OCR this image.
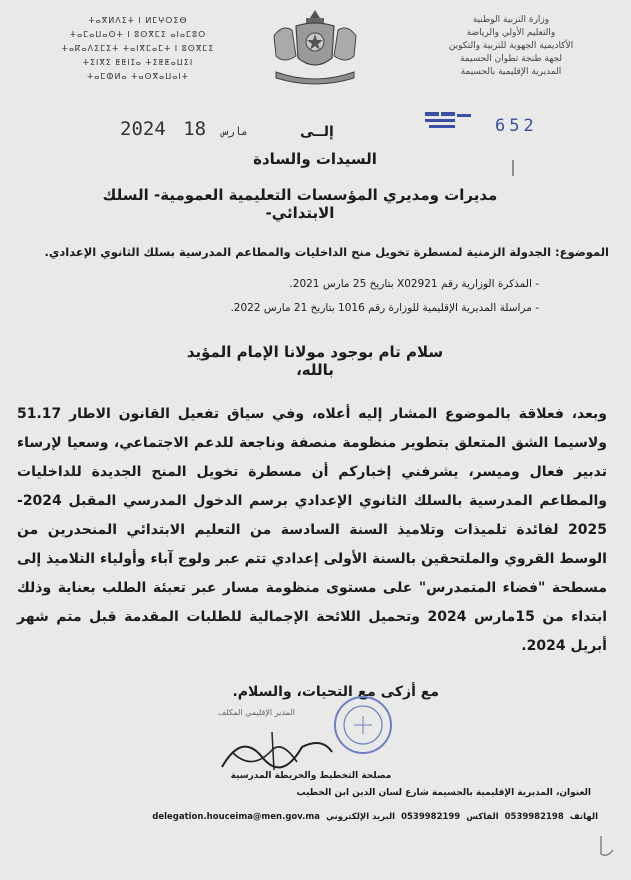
وزارة التربية الوطنية
والتعليم الأولي والرياضة
الأكاديمية الجهوية للتربية والتكوين
لجهة طنجة تطوان الحسيمة
المديرية الإقليمية بالحسيمة
ⵜⴰⴳⵍⴷⵉⵜ ⵏ ⵍⵎⵖⵔⵉⴱ
ⵜⴰⵎⴰⵡⴰⵙⵜ ⵏ ⵓⵙⴳⵎⵉ ⴰⵏⴰⵎⵓⵔ
ⵜⴰⴽⴰⴷⵉⵎⵉⵜ ⵜⴰⵏⴳⵎⴰⵎⵜ ⵏ ⵓⵙⴳⵎⵉ
ⵜⵉⵏⴳⵉ ⵟⵟⵏⵊⴰ ⵜⵉⵟⵟⴰⵡⵉⵏ
ⵜⴰⵎⵀⵍⴰ ⵜⴰⵙⴳⴰⵡⴰⵏⵜ
2024	مارس 18	652
إلــى
السيدات والسادة
مديرات ومديري المؤسسات التعليمية العمومية- السلك الابتدائي-
الموضوع: الجدولة الزمنية لمسطرة تخويل منح الداخليات والمطاعم المدرسية بسلك الثانوي الإعدادي.
- المذكرة الوزارية رقم X02921 بتاريخ 25 مارس 2021.
- مراسلة المديرية الإقليمية للوزارة رقم 1016 بتاريخ 21 مارس 2022.
سلام تام بوجود مولانا الإمام المؤيد بالله،
وبعد، فعلاقة بالموضوع المشار إليه أعلاه، وفي سياق تفعيل القانون الاطار 51.17 ولاسيما الشق المتعلق بتطوير منظومة منصفة وناجعة للدعم الاجتماعي، وسعيا لإرساء تدبير فعال وميسر، يشرفني إخباركم أن مسطرة تخويل المنح الجديدة للداخليات والمطاعم المدرسية بالسلك الثانوي الإعدادي برسم الدخول المدرسي المقبل 2024-2025 لفائدة تلميذات وتلاميذ السنة السادسة من التعليم الابتدائي المنحدرين من الوسط القروي والملتحقين بالسنة الأولى إعدادي تتم عبر ولوج آباء وأولياء التلاميذ إلى مسطحة "فضاء المتمدرس" على مستوى منظومة مسار عبر تعبئة الطلب بعناية وذلك ابتداء من 15مارس 2024 وتحميل اللائحة الإجمالية للطلبات المقدمة قبل متم شهر أبريل 2024.
مع أزكى مع التحيات، والسلام.
المدير الإقليمي المكلف
مصلحة التخطيط والخريطة المدرسية
العنوان، المديرية الإقليمية بالحسيمة شارع لسان الدين ابن الخطيب
الهاتف
0539982198
الفاكس
0539982199
البريد الإلكتروني
delegation.houceima@men.gov.ma
